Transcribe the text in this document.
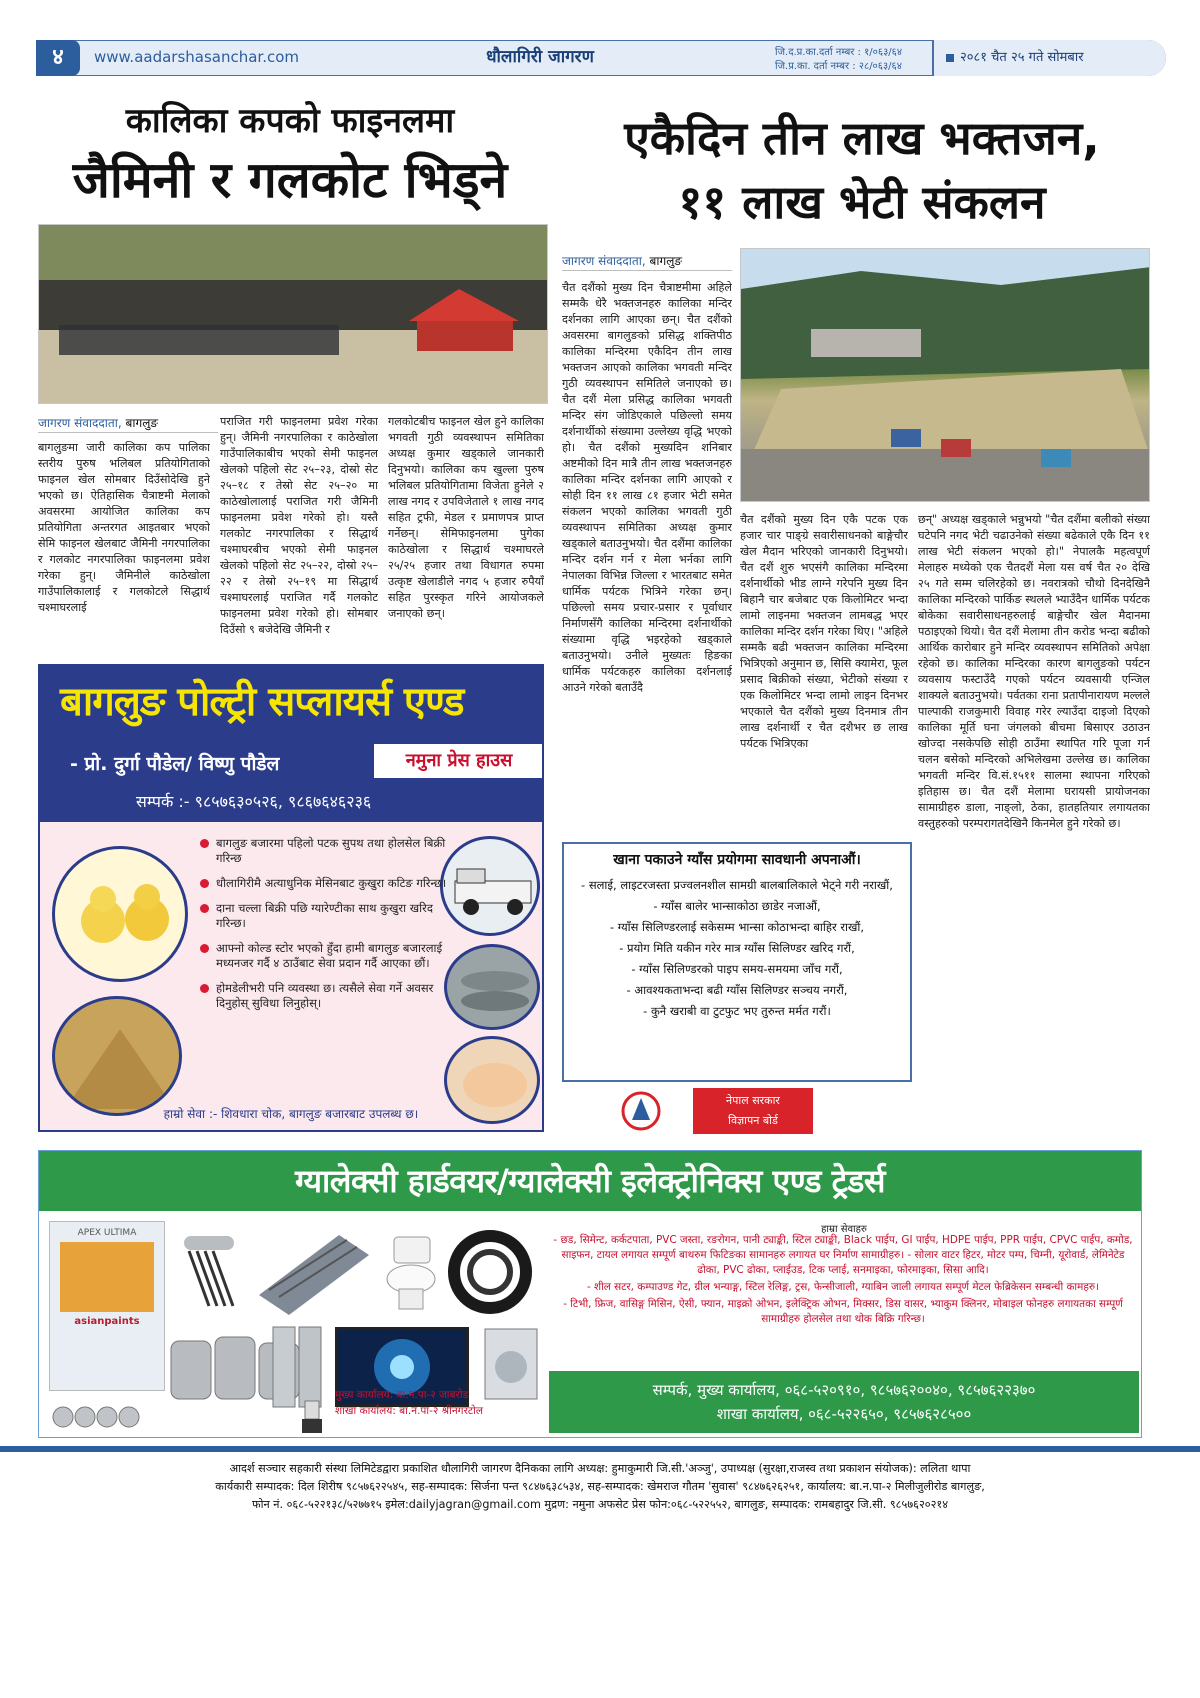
४	www.aadarshasanchar.com	धौलागिरी जागरण	जि.द.प्र.का.दर्ता नम्बर : १/०६३/६४
जि.प्र.का. दर्ता नम्बर : २८/०६३/६४
२०८१ चैत २५ गते सोमबार
कालिका कपको फाइनलमा
जैमिनी र गलकोट भिड्ने
एकैदिन तीन लाख भक्तजन,
११ लाख भेटी संकलन
जागरण संवाददाता, बागलुङ
बागलुङमा जारी कालिका कप पालिका स्तरीय पुरुष भलिबल प्रतियोगिताको फाइनल खेल सोमबार दिउँसोदेखि हुने भएको छ। ऐतिहासिक चैत्राष्टमी मेलाको अवसरमा आयोजित कालिका कप प्रतियोगिता अन्तरगत आइतबार भएको सेमि फाइनल खेलबाट जैमिनी नगरपालिका र गलकोट नगरपालिका फाइनलमा प्रवेश गरेका हुन्। जैमिनीले काठेखोला गाउँपालिकालाई र गलकोटले सिद्धार्थ चश्माघरलाई
पराजित गरी फाइनलमा प्रवेश गरेका हुन्। जैमिनी नगरपालिका र काठेखोला गाउँपालिकाबीच भएको सेमी फाइनल खेलको पहिलो सेट २५–२३, दोस्रो सेट २५–१८ र तेस्रो सेट २५–२० मा काठेखोलालाई पराजित गरी जैमिनी फाइनलमा प्रवेश गरेको हो। यस्तै गलकोट नगरपालिका र सिद्धार्थ चश्माघरबीच भएको सेमी फाइनल खेलको पहिलो सेट २५–२२, दोस्रो २५–२२ र तेस्रो २५–१९ मा सिद्धार्थ चश्माघरलाई पराजित गर्दै गलकोट फाइनलमा प्रवेश गरेको हो। सोमबार दिउँसो ९ बजेदेखि जैमिनी र
गलकोटबीच फाइनल खेल हुने कालिका भगवती गुठी व्यवस्थापन समितिका अध्यक्ष कुमार खड्काले जानकारी दिनुभयो। कालिका कप खुल्ला पुरुष भलिबल प्रतियोगितामा विजेता हुनेले २ लाख नगद र उपविजेताले १ लाख नगद सहित ट्रफी, मेडल र प्रमाणपत्र प्राप्त गर्नेछन्। सेमिफाइनलमा पुगेका काठेखोला र सिद्धार्थ चश्माघरले २५/२५ हजार तथा विधागत रुपमा उत्कृष्ट खेलाडीले नगद ५ हजार रुपैयाँ सहित पुरस्कृत गरिने आयोजकले जनाएको छन्।
बागलुङ पोल्ट्री सप्लायर्स एण्ड
- प्रो. दुर्गा पौडेल/ विष्णु पौडेल	नमुना प्रेस हाउस
सम्पर्क :- ९८५७६३०५२६, ९८६७६४६२३६
बागलुङ बजारमा पहिलो पटक सुपथ तथा होलसेल बिक्री गरिन्छ
धौलागिरीमै अत्याधुनिक मेसिनबाट कुखुरा कटिङ गरिन्छ।
दाना चल्ला बिक्री पछि ग्यारेण्टीका साथ कुखुरा खरिद गरिन्छ।
आफ्नो कोल्ड स्टोर भएको हुँदा हामी बागलुङ बजारलाई मध्यनजर गर्दै ४ ठाउँबाट सेवा प्रदान गर्दै आएका छौं।
होमडेलीभरी पनि व्यवस्था छ। त्यसैले सेवा गर्ने अवसर दिनुहोस् सुविधा लिनुहोस्।
हाम्रो सेवा :- शिवधारा चोक, बागलुङ बजारबाट उपलब्ध छ।
जागरण संवाददाता, बागलुङ
चैत दशैंको मुख्य दिन चैत्राष्टमीमा अहिले सम्मकै धेरै भक्तजनहरु कालिका मन्दिर दर्शनका लागि आएका छन्। चैत दशैंको अवसरमा बागलुङको प्रसिद्ध शक्तिपीठ कालिका मन्दिरमा एकैदिन तीन लाख भक्तजन आएको कालिका भगवती मन्दिर गुठी व्यवस्थापन समितिले जनाएको छ। चैत दशैं मेला प्रसिद्ध कालिका भगवती मन्दिर संग जोडिएकाले पछिल्लो समय दर्शनार्थीको संख्यामा उल्लेख्य वृद्धि भएको हो। चैत दशैंको मुख्यदिन शनिबार अष्टमीको दिन मात्रै तीन लाख भक्तजनहरु कालिका मन्दिर दर्शनका लागि आएको र सोही दिन ११ लाख ८१ हजार भेटी समेत संकलन भएको कालिका भगवती गुठी व्यवस्थापन समितिका अध्यक्ष कुमार खड्काले बताउनुभयो। चैत दशैंमा कालिका मन्दिर दर्शन गर्न र मेला भर्नका लागि नेपालका विभिन्न जिल्ला र भारतबाट समेत धार्मिक पर्यटक भित्रिने गरेका छन्। पछिल्लो समय प्रचार-प्रसार र पूर्वाधार निर्माणसँगै कालिका मन्दिरमा दर्शनार्थीको संख्यामा वृद्धि भइरहेको खड्काले बताउनुभयो। उनीले मुख्यतः हिङका धार्मिक पर्यटकहरु कालिका दर्शनलाई आउने गरेको बताउँदै
चैत दशैंको मुख्य दिन एकै पटक एक हजार चार पाङ्ग्रे सवारीसाधनको बाङ्गेचौर खेल मैदान भरिएको जानकारी दिनुभयो। चैत दशैं शुरु भएसंगै कालिका मन्दिरमा दर्शनार्थीको भीड लाग्ने गरेपनि मुख्य दिन बिहानै चार बजेबाट एक किलोमिटर भन्दा लामो लाइनमा भक्तजन लामबद्ध भएर कालिका मन्दिर दर्शन गरेका थिए। "अहिले सम्मकै बढी भक्तजन कालिका मन्दिरमा भित्रिएको अनुमान छ, सिसि क्यामेरा, फूल प्रसाद बिक्रीको संख्या, भेटीको संख्या र एक किलोमिटर भन्दा लामो लाइन दिनभर भएकाले चैत दशैंको मुख्य दिनमात्र तीन लाख दर्शनार्थी र चैत दशैभर छ लाख पर्यटक भित्रिएका
छन्" अध्यक्ष खड्काले भन्नुभयो "चैत दशैंमा बलीको संख्या घटेपनि नगद भेटी चढाउनेको संख्या बढेकाले एकै दिन ११ लाख भेटी संकलन भएको हो।" नेपालकै महत्वपूर्ण मेलाहरु मध्येको एक चैतदशैं मेला यस वर्ष चैत २० देखि २५ गते सम्म चलिरहेको छ। नवरात्रको चौथो दिनदेखिनै कालिका मन्दिरको पार्किङ स्थलले भ्याउँदैन धार्मिक पर्यटक बोकेका सवारीसाधनहरुलाई बाङ्गेचौर खेल मैदानमा पठाइएको थियो। चैत दशैं मेलामा तीन करोड भन्दा बढीको आर्थिक कारोबार हुने मन्दिर व्यवस्थापन समितिको अपेक्षा रहेको छ। कालिका मन्दिरका कारण बागलुङको पर्यटन व्यवसाय फस्टाउँदै गएको पर्यटन व्यवसायी एन्जिल शाक्यले बताउनुभयो। पर्वतका राना प्रतापीनारायण मल्लले पाल्पाकी राजकुमारी विवाह गरेर ल्याउँदा दाइजो दिएको कालिका मूर्ति घना जंगलको बीचमा बिसाएर उठाउन खोज्दा नसकेपछि सोही ठाउँमा स्थापित गरि पूजा गर्न चलन बसेको मन्दिरको अभिलेखमा उल्लेख छ। कालिका भगवती मन्दिर वि.सं.१५११ सालमा स्थापना गरिएको इतिहास छ। चैत दशैं मेलामा घरायसी प्रायोजनका सामाग्रीहरु डाला, नाङ्लो, ठेका, हातहतियार लगायतका वस्तुहरुको परम्परागतदेखिनै किनमेल हुने गरेको छ।
खाना पकाउने ग्याँस प्रयोगमा सावधानी अपनाऔं।
- सलाई, लाइटरजस्ता प्रज्वलनशील सामग्री बालबालिकाले भेट्ने गरी नराखौं,
- ग्याँस बालेर भान्साकोठा छाडेर नजाऔं,
- ग्याँस सिलिण्डरलाई सकेसम्म भान्सा कोठाभन्दा बाहिर राखौं,
- प्रयोग मिति यकीन गरेर मात्र ग्याँस सिलिण्डर खरिद गरौं,
- ग्याँस सिलिण्डरको पाइप समय-समयमा जाँच गरौं,
- आवश्यकताभन्दा बढी ग्याँस सिलिण्डर सञ्चय नगरौं,
- कुनै खराबी वा टुटफुट भए तुरुन्त मर्मत गरौं।
नेपाल सरकार
विज्ञापन बोर्ड
ग्यालेक्सी हार्डवयर/ग्यालेक्सी इलेक्ट्रोनिक्स एण्ड ट्रेडर्स
APEX ULTIMA
asianpaints
मुख्य कार्यालय: बा.न.पा-२ जाबरोड
शाखा कार्यालय: बा.न.पा-२ श्रीनगरटोल
हाम्रा सेवाहरु

- छड, सिमेन्ट, कर्कटपाता, PVC जस्ता, रङरोगन, पानी ट्याङ्की, स्टिल ट्याङ्की, Black पाईप, GI पाईप, HDPE पाईप, PPR पाईप, CPVC पाईप, कमोड, साइफन, टायल लगायत सम्पूर्ण बाथरुम फिटिङका सामानहरु लगायत घर निर्माण सामाग्रीहरु। - सोलार वाटर हिटर, मोटर पम्प, चिम्नी, यूरोवार्ड, लेमिनेटेड ढोका, PVC ढोका, प्लाईउड, टिक प्लाई, सनमाइका, फोरमाइका, सिसा आदि।

- शील सटर, कम्पाउण्ड गेट, ग्रील भन्याङ्ग, स्टिल रेलिङ्ग, ट्रस, फेन्सीजाली, ग्याबिन जाली लगायत सम्पूर्ण मेटल फेब्रिकेसन सम्बन्धी कामहरु।

- टिभी, फ्रिज, वासिङ्ग मिसिन, ऐसी, फ्यान, माइक्रो ओभन, इलेक्ट्रिक ओभन, मिक्सर, डिस वासर, भ्याकुम क्लिनर, मोबाइल फोनहरु लगायतका सम्पूर्ण सामाग्रीहरु होलसेल तथा थोक बिक्रि गरिन्छ।

सम्पर्क, मुख्य कार्यालय, ०६८-५२०९१०, ९८५७६२००४०, ९८५७६२२३७०
शाखा कार्यालय, ०६८-५२२६५०, ९८५७६२८५००
आदर्श सञ्चार सहकारी संस्था लिमिटेडद्वारा प्रकाशित धौलागिरी जागरण दैनिकका लागि अध्यक्ष: हुमाकुमारी जि.सी.'अञ्जु', उपाध्यक्ष (सुरक्षा,राजस्व तथा प्रकाशन संयोजक): ललिता थापा
कार्यकारी सम्पादक: दिल शिरीष ९८५७६२२५४५, सह-सम्पादक: सिर्जना पन्त ९८४७६३८५३४, सह-सम्पादक: खेमराज गौतम 'सुवास' ९८४७६२६२५१, कार्यालय: बा.न.पा-२ मिलीजुलीरोड बागलुङ,
फोन नं. ०६८-५२२१३८/५२७७१५ इमेल:dailyjagran@gmail.com मुद्रण: नमुना अफसेट प्रेस फोन:०६८-५२२५५२, बागलुङ, सम्पादक: रामबहादुर जि.सी. ९८५७६२०२१४
